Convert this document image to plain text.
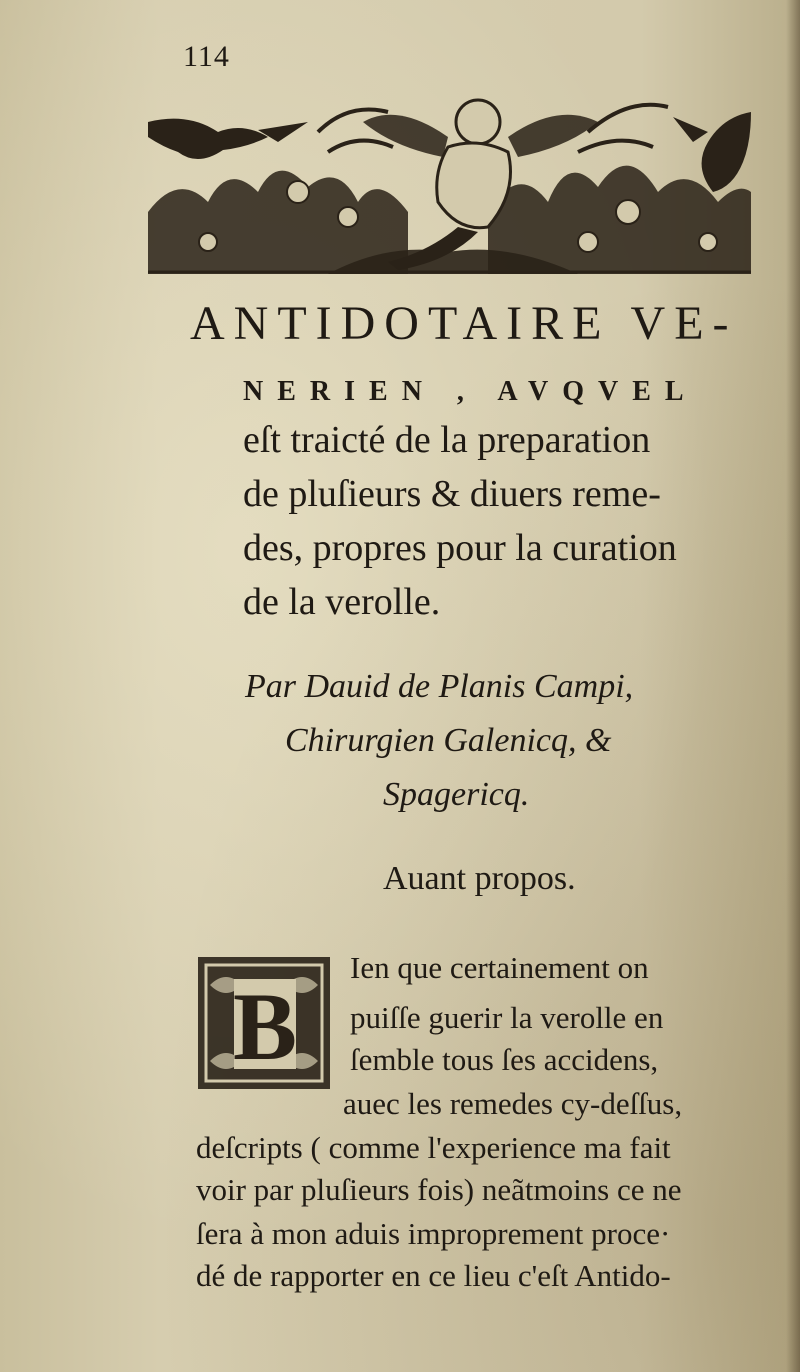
114
ANTIDOTAIRE VE-
NERIEN , AVQVEL
eſt traicté de la preparation
de pluſieurs & diuers reme-
des, propres pour la curation
de la verolle.
Par Dauid de Planis Campi,
Chirurgien Galenicq, &
Spagericq.
Auant propos.
B
Ien que certainement on
puiſſe guerir la verolle en
ſemble tous ſes accidens,
auec les remedes cy-deſſus,
deſcripts ( comme l'experience ma fait
voir par pluſieurs fois) neãtmoins ce ne
ſera à mon aduis improprement proce·
dé de rapporter en ce lieu c'eſt Antido-
